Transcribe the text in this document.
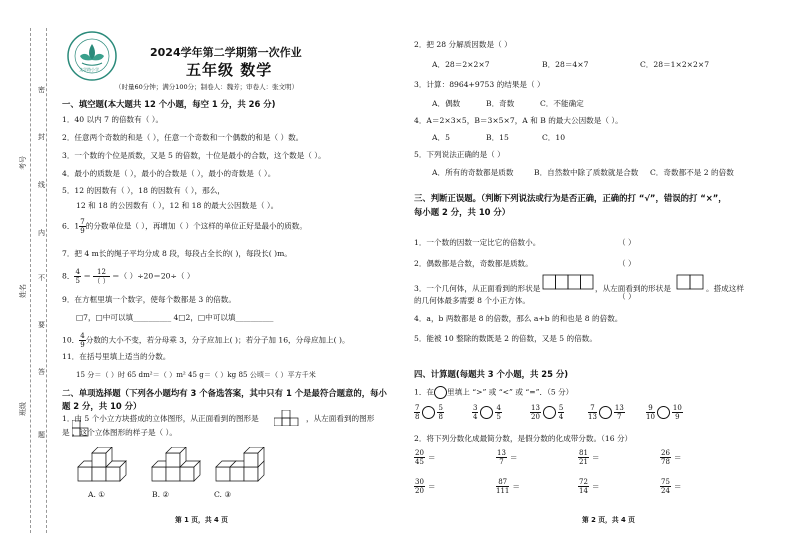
考号
姓名
班级
密
封
线
内
不
要
答
题
文学路小学
2024学年第二学期第一次作业
五年级 数学
（时量60分钟；满分100分；制卷人：魏芳；审卷人：张文明）
一、填空题(本大题共 12 个小题，每空 1 分，共 26 分)
1．40 以内 7 的倍数有（ ）。
2．任意两个奇数的和是（ ），任意一个奇数和一个偶数的和是（ ）数。
3．一个数的个位是质数，又是 5 的倍数，十位是最小的合数，这个数是（ ）。
4．最小的质数是（ ），最小的合数是（ ），最小的奇数是（ ）。
5．12 的因数有（ ），18 的因数有（ ），那么，
12 和 18 的公因数有（ ），12 和 18 的最大公因数是（ ）。
6．$1 \frac{7}{9}$ 的分数单位是（ ），再增加（ ）个这样的单位正好是最小的质数。
7．把 4 m长的绳子平均分成 8 段，每段占全长的( )，每段长( )m。
8． $\frac{4}{5} = \frac{12}{( )}$ ＝（ ）÷20＝20÷（ ）
9．在方框里填一个数字，使每个数都是 3 的倍数。
□7，□中可以填__________ 4□2，□中可以填__________
10． $\frac{4}{9}$ 分数的大小不变，若分母乘 3，分子应加上( )；若分子加 16，分母应加上( )。
11．在括号里填上适当的分数。
15 分＝（ ）时 65 dm²＝（ ）m² 45 g＝（ ）kg 85 公顷＝（ ）平方千米
二、单项选择题（下列各小题均有 3 个备选答案，其中只有 1 个是最符合题意的，每小
题 2 分，共 10 分）
1．由 5 个小立方块搭成的立体图形，从正面看到的图形是	，从左面看到的图形
是 ，这个立体图形的样子是（ ）。
A. ①	B. ②	C. ③
第 1 页，共 4 页
2．把 28 分解质因数是（ ）
A．28＝2×2×7	B．28＝4×7	C．28＝1×2×2×7
3．计算：8964+9753 的结果是（ ）
A．偶数	B．奇数	C．不能确定
4．A＝2×3×5，B＝3×5×7，A 和 B 的最大公因数是（ ）。
A．5	B．15	C．10
5．下列说法正确的是（ ）
A．所有的奇数都是质数	B．自然数中除了质数就是合数 C．奇数都不是 2 的倍数
三、判断正误题。（判断下列说法或行为是否正确，正确的打 “√”，错误的打 “×”，
每小题 2 分，共 10 分）
1．一个数的因数一定比它的倍数小。	（ ）
2．偶数都是合数，奇数都是质数。	（ ）
3．一个几何体，从正面看到的形状是	，从左面看到的形状是	。搭成这样
的几何体最多需要 8 个小正方体。	（ ）
4．a，b 两数都是 8 的倍数，那么 a+b 的和也是 8 的倍数。
5．能被 10 整除的数既是 2 的倍数，又是 5 的倍数。
四、计算题(每题共 3 个小题，共 25 分)
1．在 里填上 “>” 或 “<” 或 “=”．（5 分）
$\frac{7}{8} \frac{5}{8}$	$\frac{3}{4} \frac{4}{5}$	$\frac{13}{20} \frac{5}{4}$	$\frac{7}{13} \frac{13}{7}$	$\frac{9}{10} \frac{10}{9}$
2．将下列分数化成最简分数，是假分数的化成带分数。（16 分）
$\frac{20}{45}$ ＝	$\frac{13}{7}$ ＝	$\frac{81}{21}$ ＝	$\frac{26}{78}$ ＝
$\frac{30}{20}$ ＝	$\frac{87}{111}$ ＝	$\frac{72}{14}$ ＝	$\frac{75}{24}$ ＝
第 2 页，共 4 页
